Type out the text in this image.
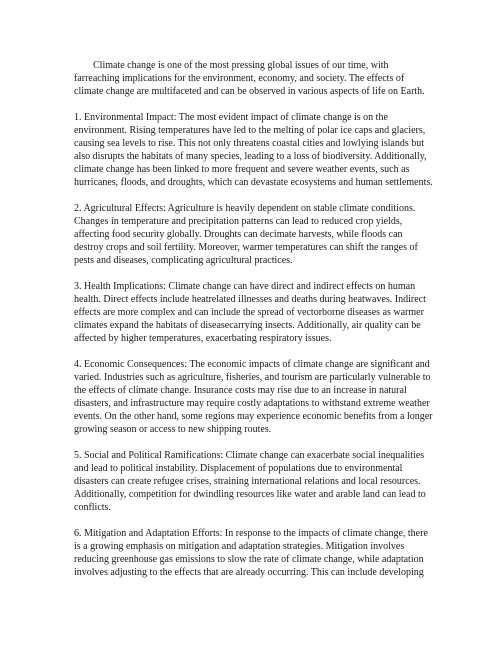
Climate change is one of the most pressing global issues of our time, with
farreaching implications for the environment, economy, and society. The effects of
climate change are multifaceted and can be observed in various aspects of life on Earth.

1. Environmental Impact: The most evident impact of climate change is on the
environment. Rising temperatures have led to the melting of polar ice caps and glaciers,
causing sea levels to rise. This not only threatens coastal cities and lowlying islands but
also disrupts the habitats of many species, leading to a loss of biodiversity. Additionally,
climate change has been linked to more frequent and severe weather events, such as
hurricanes, floods, and droughts, which can devastate ecosystems and human settlements.

2. Agricultural Effects: Agriculture is heavily dependent on stable climate conditions.
Changes in temperature and precipitation patterns can lead to reduced crop yields,
affecting food security globally. Droughts can decimate harvests, while floods can
destroy crops and soil fertility. Moreover, warmer temperatures can shift the ranges of
pests and diseases, complicating agricultural practices.

3. Health Implications: Climate change can have direct and indirect effects on human
health. Direct effects include heatrelated illnesses and deaths during heatwaves. Indirect
effects are more complex and can include the spread of vectorborne diseases as warmer
climates expand the habitats of diseasecarrying insects. Additionally, air quality can be
affected by higher temperatures, exacerbating respiratory issues.

4. Economic Consequences: The economic impacts of climate change are significant and
varied. Industries such as agriculture, fisheries, and tourism are particularly vulnerable to
the effects of climate change. Insurance costs may rise due to an increase in natural
disasters, and infrastructure may require costly adaptations to withstand extreme weather
events. On the other hand, some regions may experience economic benefits from a longer
growing season or access to new shipping routes.

5. Social and Political Ramifications: Climate change can exacerbate social inequalities
and lead to political instability. Displacement of populations due to environmental
disasters can create refugee crises, straining international relations and local resources.
Additionally, competition for dwindling resources like water and arable land can lead to
conflicts.

6. Mitigation and Adaptation Efforts: In response to the impacts of climate change, there
is a growing emphasis on mitigation and adaptation strategies. Mitigation involves
reducing greenhouse gas emissions to slow the rate of climate change, while adaptation
involves adjusting to the effects that are already occurring. This can include developing
